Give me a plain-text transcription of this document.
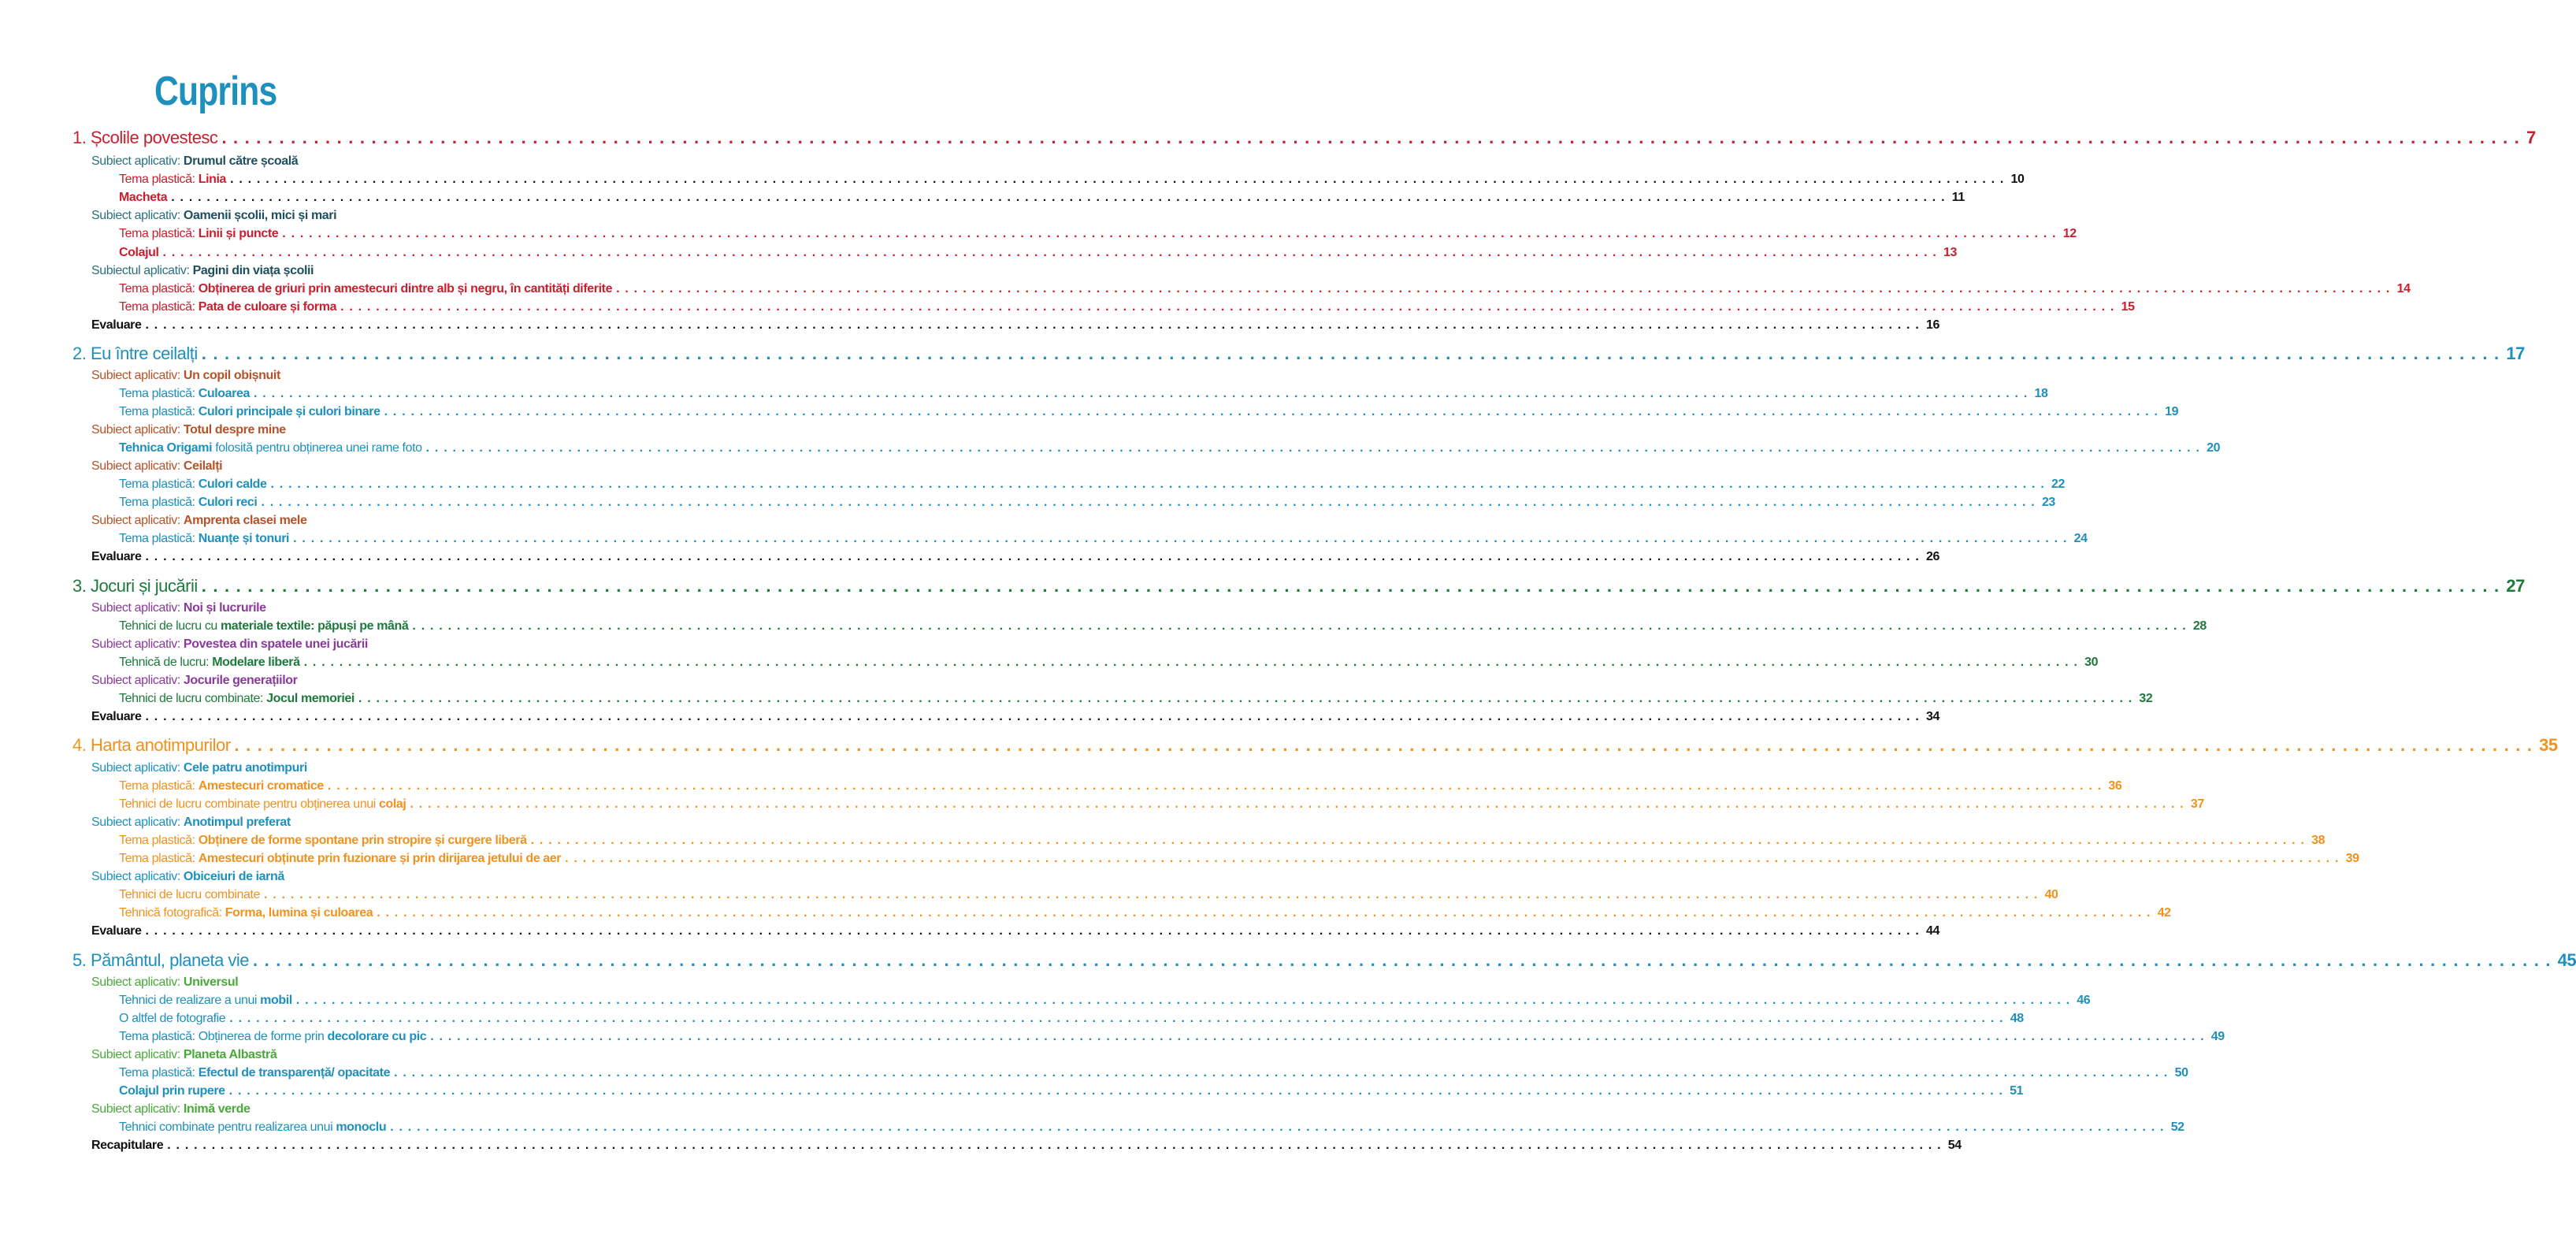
Cuprins
1. Școlile povestesc . . . . . . . . . . . . . . . . . . . . . . . . . . . . . . . . . . . . . . . . . . . . . . . . . . . . . . . . . . . . . . . . . . . . . . . . . . . . . . . . . . . . . . . . . . . . . . . . . . . . . . . . . . . . . . . . . . . . . . . . . . . . . . . . . . . . . . . . . . . . . . . . . . . . . . . . . . . . . . . . . . . . . . . . . . . . . . . . . . . . . . . . . . . . . . . . . . . . . . . . 7
Subiect aplicativ: Drumul către școală
Tema plastică: Linia . . . . . . . . . . . . . . . . . . . . . . . . . . . . . . . . . . . . . . . . . . . . . . . . . . . . . . . . . . . . . . . . . . . . . . . . . . . . . . . . . . . . . . . . . . . . . . . . . . . . . . . . . . . . . . . . . . . . . . . . . . . . . . . . . . . . . . . . . . . . . . . . . . . . . . . . . . . . . . . . . . . . . . . . . . . . . . . . . . . . . . . . . . . . . . . . . . . . . . . . 10
Macheta . . . . . . . . . . . . . . . . . . . . . . . . . . . . . . . . . . . . . . . . . . . . . . . . . . . . . . . . . . . . . . . . . . . . . . . . . . . . . . . . . . . . . . . . . . . . . . . . . . . . . . . . . . . . . . . . . . . . . . . . . . . . . . . . . . . . . . . . . . . . . . . . . . . . . . . . . . . . . . . . . . . . . . . . . . . . . . . . . . . . . . . . . . . . . . . . . . . . . . . . 11
Subiect aplicativ: Oamenii școlii, mici și mari
Tema plastică: Linii și puncte . . . . . . . . . . . . . . . . . . . . . . . . . . . . . . . . . . . . . . . . . . . . . . . . . . . . . . . . . . . . . . . . . . . . . . . . . . . . . . . . . . . . . . . . . . . . . . . . . . . . . . . . . . . . . . . . . . . . . . . . . . . . . . . . . . . . . . . . . . . . . . . . . . . . . . . . . . . . . . . . . . . . . . . . . . . . . . . . . . . . . . . . . . . . . . . . . . . . . . . . 12
Colajul . . . . . . . . . . . . . . . . . . . . . . . . . . . . . . . . . . . . . . . . . . . . . . . . . . . . . . . . . . . . . . . . . . . . . . . . . . . . . . . . . . . . . . . . . . . . . . . . . . . . . . . . . . . . . . . . . . . . . . . . . . . . . . . . . . . . . . . . . . . . . . . . . . . . . . . . . . . . . . . . . . . . . . . . . . . . . . . . . . . . . . . . . . . . . . . . . . . . . . . . 13
Subiectul aplicativ: Pagini din viața școlii
Tema plastică: Obținerea de griuri prin amestecuri dintre alb și negru, în cantități diferite . . . . . . . . . . . . . . . . . . . . . . . . . . . . . . . . . . . . . . . . . . . . . . . . . . . . . . . . . . . . . . . . . . . . . . . . . . . . . . . . . . . . . . . . . . . . . . . . . . . . . . . . . . . . . . . . . . . . . . . . . . . . . . . . . . . . . . . . . . . . . . . . . . . . . . . . . . . . . . . . . . . . . . . . . . . . . . . . . . . . . . . . . . . . . . . . . . . . . . . . 14
Tema plastică: Pata de culoare și forma . . . . . . . . . . . . . . . . . . . . . . . . . . . . . . . . . . . . . . . . . . . . . . . . . . . . . . . . . . . . . . . . . . . . . . . . . . . . . . . . . . . . . . . . . . . . . . . . . . . . . . . . . . . . . . . . . . . . . . . . . . . . . . . . . . . . . . . . . . . . . . . . . . . . . . . . . . . . . . . . . . . . . . . . . . . . . . . . . . . . . . . . . . . . . . . . . . . . . . . . 15
Evaluare . . . . . . . . . . . . . . . . . . . . . . . . . . . . . . . . . . . . . . . . . . . . . . . . . . . . . . . . . . . . . . . . . . . . . . . . . . . . . . . . . . . . . . . . . . . . . . . . . . . . . . . . . . . . . . . . . . . . . . . . . . . . . . . . . . . . . . . . . . . . . . . . . . . . . . . . . . . . . . . . . . . . . . . . . . . . . . . . . . . . . . . . . . . . . . . . . . . . . . . . 16
2. Eu între ceilalți . . . . . . . . . . . . . . . . . . . . . . . . . . . . . . . . . . . . . . . . . . . . . . . . . . . . . . . . . . . . . . . . . . . . . . . . . . . . . . . . . . . . . . . . . . . . . . . . . . . . . . . . . . . . . . . . . . . . . . . . . . . . . . . . . . . . . . . . . . . . . . . . . . . . . . . . . . . . . . . . . . . . . . . . . . . . . . . . . . . . . . . . . . . . . . . . . . . . . . . . 17
Subiect aplicativ: Un copil obișnuit
Tema plastică: Culoarea . . . . . . . . . . . . . . . . . . . . . . . . . . . . . . . . . . . . . . . . . . . . . . . . . . . . . . . . . . . . . . . . . . . . . . . . . . . . . . . . . . . . . . . . . . . . . . . . . . . . . . . . . . . . . . . . . . . . . . . . . . . . . . . . . . . . . . . . . . . . . . . . . . . . . . . . . . . . . . . . . . . . . . . . . . . . . . . . . . . . . . . . . . . . . . . . . . . . . . . . 18
Tema plastică: Culori principale și culori binare . . . . . . . . . . . . . . . . . . . . . . . . . . . . . . . . . . . . . . . . . . . . . . . . . . . . . . . . . . . . . . . . . . . . . . . . . . . . . . . . . . . . . . . . . . . . . . . . . . . . . . . . . . . . . . . . . . . . . . . . . . . . . . . . . . . . . . . . . . . . . . . . . . . . . . . . . . . . . . . . . . . . . . . . . . . . . . . . . . . . . . . . . . . . . . . . . . . . . . . . 19
Subiect aplicativ: Totul despre mine
Tehnica Origami folosită pentru obținerea unei rame foto . . . . . . . . . . . . . . . . . . . . . . . . . . . . . . . . . . . . . . . . . . . . . . . . . . . . . . . . . . . . . . . . . . . . . . . . . . . . . . . . . . . . . . . . . . . . . . . . . . . . . . . . . . . . . . . . . . . . . . . . . . . . . . . . . . . . . . . . . . . . . . . . . . . . . . . . . . . . . . . . . . . . . . . . . . . . . . . . . . . . . . . . . . . . . . . . . . . . . . . . 20
Subiect aplicativ: Ceilalți
Tema plastică: Culori calde . . . . . . . . . . . . . . . . . . . . . . . . . . . . . . . . . . . . . . . . . . . . . . . . . . . . . . . . . . . . . . . . . . . . . . . . . . . . . . . . . . . . . . . . . . . . . . . . . . . . . . . . . . . . . . . . . . . . . . . . . . . . . . . . . . . . . . . . . . . . . . . . . . . . . . . . . . . . . . . . . . . . . . . . . . . . . . . . . . . . . . . . . . . . . . . . . . . . . . . . 22
Tema plastică: Culori reci . . . . . . . . . . . . . . . . . . . . . . . . . . . . . . . . . . . . . . . . . . . . . . . . . . . . . . . . . . . . . . . . . . . . . . . . . . . . . . . . . . . . . . . . . . . . . . . . . . . . . . . . . . . . . . . . . . . . . . . . . . . . . . . . . . . . . . . . . . . . . . . . . . . . . . . . . . . . . . . . . . . . . . . . . . . . . . . . . . . . . . . . . . . . . . . . . . . . . . . . 23
Subiect aplicativ: Amprenta clasei mele
Tema plastică: Nuanțe și tonuri . . . . . . . . . . . . . . . . . . . . . . . . . . . . . . . . . . . . . . . . . . . . . . . . . . . . . . . . . . . . . . . . . . . . . . . . . . . . . . . . . . . . . . . . . . . . . . . . . . . . . . . . . . . . . . . . . . . . . . . . . . . . . . . . . . . . . . . . . . . . . . . . . . . . . . . . . . . . . . . . . . . . . . . . . . . . . . . . . . . . . . . . . . . . . . . . . . . . . . . . 24
Evaluare . . . . . . . . . . . . . . . . . . . . . . . . . . . . . . . . . . . . . . . . . . . . . . . . . . . . . . . . . . . . . . . . . . . . . . . . . . . . . . . . . . . . . . . . . . . . . . . . . . . . . . . . . . . . . . . . . . . . . . . . . . . . . . . . . . . . . . . . . . . . . . . . . . . . . . . . . . . . . . . . . . . . . . . . . . . . . . . . . . . . . . . . . . . . . . . . . . . . . . . . 26
3. Jocuri și jucării . . . . . . . . . . . . . . . . . . . . . . . . . . . . . . . . . . . . . . . . . . . . . . . . . . . . . . . . . . . . . . . . . . . . . . . . . . . . . . . . . . . . . . . . . . . . . . . . . . . . . . . . . . . . . . . . . . . . . . . . . . . . . . . . . . . . . . . . . . . . . . . . . . . . . . . . . . . . . . . . . . . . . . . . . . . . . . . . . . . . . . . . . . . . . . . . . . . . . . . . 27
Subiect aplicativ: Noi și lucrurile
Tehnici de lucru cu materiale textile: păpuși pe mână . . . . . . . . . . . . . . . . . . . . . . . . . . . . . . . . . . . . . . . . . . . . . . . . . . . . . . . . . . . . . . . . . . . . . . . . . . . . . . . . . . . . . . . . . . . . . . . . . . . . . . . . . . . . . . . . . . . . . . . . . . . . . . . . . . . . . . . . . . . . . . . . . . . . . . . . . . . . . . . . . . . . . . . . . . . . . . . . . . . . . . . . . . . . . . . . . . . . . . . . 28
Subiect aplicativ: Povestea din spatele unei jucării
Tehnică de lucru: Modelare liberă . . . . . . . . . . . . . . . . . . . . . . . . . . . . . . . . . . . . . . . . . . . . . . . . . . . . . . . . . . . . . . . . . . . . . . . . . . . . . . . . . . . . . . . . . . . . . . . . . . . . . . . . . . . . . . . . . . . . . . . . . . . . . . . . . . . . . . . . . . . . . . . . . . . . . . . . . . . . . . . . . . . . . . . . . . . . . . . . . . . . . . . . . . . . . . . . . . . . . . . . 30
Subiect aplicativ: Jocurile generațiilor
Tehnici de lucru combinate: Jocul memoriei . . . . . . . . . . . . . . . . . . . . . . . . . . . . . . . . . . . . . . . . . . . . . . . . . . . . . . . . . . . . . . . . . . . . . . . . . . . . . . . . . . . . . . . . . . . . . . . . . . . . . . . . . . . . . . . . . . . . . . . . . . . . . . . . . . . . . . . . . . . . . . . . . . . . . . . . . . . . . . . . . . . . . . . . . . . . . . . . . . . . . . . . . . . . . . . . . . . . . . . . 32
Evaluare . . . . . . . . . . . . . . . . . . . . . . . . . . . . . . . . . . . . . . . . . . . . . . . . . . . . . . . . . . . . . . . . . . . . . . . . . . . . . . . . . . . . . . . . . . . . . . . . . . . . . . . . . . . . . . . . . . . . . . . . . . . . . . . . . . . . . . . . . . . . . . . . . . . . . . . . . . . . . . . . . . . . . . . . . . . . . . . . . . . . . . . . . . . . . . . . . . . . . . . . 34
4. Harta anotimpurilor . . . . . . . . . . . . . . . . . . . . . . . . . . . . . . . . . . . . . . . . . . . . . . . . . . . . . . . . . . . . . . . . . . . . . . . . . . . . . . . . . . . . . . . . . . . . . . . . . . . . . . . . . . . . . . . . . . . . . . . . . . . . . . . . . . . . . . . . . . . . . . . . . . . . . . . . . . . . . . . . . . . . . . . . . . . . . . . . . . . . . . . . . . . . . . . . . . . . . . . . 35
Subiect aplicativ: Cele patru anotimpuri
Tema plastică: Amestecuri cromatice . . . . . . . . . . . . . . . . . . . . . . . . . . . . . . . . . . . . . . . . . . . . . . . . . . . . . . . . . . . . . . . . . . . . . . . . . . . . . . . . . . . . . . . . . . . . . . . . . . . . . . . . . . . . . . . . . . . . . . . . . . . . . . . . . . . . . . . . . . . . . . . . . . . . . . . . . . . . . . . . . . . . . . . . . . . . . . . . . . . . . . . . . . . . . . . . . . . . . . . . 36
Tehnici de lucru combinate pentru obținerea unui colaj . . . . . . . . . . . . . . . . . . . . . . . . . . . . . . . . . . . . . . . . . . . . . . . . . . . . . . . . . . . . . . . . . . . . . . . . . . . . . . . . . . . . . . . . . . . . . . . . . . . . . . . . . . . . . . . . . . . . . . . . . . . . . . . . . . . . . . . . . . . . . . . . . . . . . . . . . . . . . . . . . . . . . . . . . . . . . . . . . . . . . . . . . . . . . . . . . . . . . . . . 37
Subiect aplicativ: Anotimpul preferat
Tema plastică: Obținere de forme spontane prin stropire și curgere liberă . . . . . . . . . . . . . . . . . . . . . . . . . . . . . . . . . . . . . . . . . . . . . . . . . . . . . . . . . . . . . . . . . . . . . . . . . . . . . . . . . . . . . . . . . . . . . . . . . . . . . . . . . . . . . . . . . . . . . . . . . . . . . . . . . . . . . . . . . . . . . . . . . . . . . . . . . . . . . . . . . . . . . . . . . . . . . . . . . . . . . . . . . . . . . . . . . . . . . . . . 38
Tema plastică: Amestecuri obținute prin fuzionare și prin dirijarea jetului de aer . . . . . . . . . . . . . . . . . . . . . . . . . . . . . . . . . . . . . . . . . . . . . . . . . . . . . . . . . . . . . . . . . . . . . . . . . . . . . . . . . . . . . . . . . . . . . . . . . . . . . . . . . . . . . . . . . . . . . . . . . . . . . . . . . . . . . . . . . . . . . . . . . . . . . . . . . . . . . . . . . . . . . . . . . . . . . . . . . . . . . . . . . . . . . . . . . . . . . . . . 39
Subiect aplicativ: Obiceiuri de iarnă
Tehnici de lucru combinate . . . . . . . . . . . . . . . . . . . . . . . . . . . . . . . . . . . . . . . . . . . . . . . . . . . . . . . . . . . . . . . . . . . . . . . . . . . . . . . . . . . . . . . . . . . . . . . . . . . . . . . . . . . . . . . . . . . . . . . . . . . . . . . . . . . . . . . . . . . . . . . . . . . . . . . . . . . . . . . . . . . . . . . . . . . . . . . . . . . . . . . . . . . . . . . . . . . . . . . . 40
Tehnică fotografică: Forma, lumina și culoarea . . . . . . . . . . . . . . . . . . . . . . . . . . . . . . . . . . . . . . . . . . . . . . . . . . . . . . . . . . . . . . . . . . . . . . . . . . . . . . . . . . . . . . . . . . . . . . . . . . . . . . . . . . . . . . . . . . . . . . . . . . . . . . . . . . . . . . . . . . . . . . . . . . . . . . . . . . . . . . . . . . . . . . . . . . . . . . . . . . . . . . . . . . . . . . . . . . . . . . . . 42
Evaluare . . . . . . . . . . . . . . . . . . . . . . . . . . . . . . . . . . . . . . . . . . . . . . . . . . . . . . . . . . . . . . . . . . . . . . . . . . . . . . . . . . . . . . . . . . . . . . . . . . . . . . . . . . . . . . . . . . . . . . . . . . . . . . . . . . . . . . . . . . . . . . . . . . . . . . . . . . . . . . . . . . . . . . . . . . . . . . . . . . . . . . . . . . . . . . . . . . . . . . . . 44
5. Pământul, planeta vie . . . . . . . . . . . . . . . . . . . . . . . . . . . . . . . . . . . . . . . . . . . . . . . . . . . . . . . . . . . . . . . . . . . . . . . . . . . . . . . . . . . . . . . . . . . . . . . . . . . . . . . . . . . . . . . . . . . . . . . . . . . . . . . . . . . . . . . . . . . . . . . . . . . . . . . . . . . . . . . . . . . . . . . . . . . . . . . . . . . . . . . . . . . . . . . . . . . . . . . . 45
Subiect aplicativ: Universul
Tehnici de realizare a unui mobil . . . . . . . . . . . . . . . . . . . . . . . . . . . . . . . . . . . . . . . . . . . . . . . . . . . . . . . . . . . . . . . . . . . . . . . . . . . . . . . . . . . . . . . . . . . . . . . . . . . . . . . . . . . . . . . . . . . . . . . . . . . . . . . . . . . . . . . . . . . . . . . . . . . . . . . . . . . . . . . . . . . . . . . . . . . . . . . . . . . . . . . . . . . . . . . . . . . . . . . . 46
O altfel de fotografie . . . . . . . . . . . . . . . . . . . . . . . . . . . . . . . . . . . . . . . . . . . . . . . . . . . . . . . . . . . . . . . . . . . . . . . . . . . . . . . . . . . . . . . . . . . . . . . . . . . . . . . . . . . . . . . . . . . . . . . . . . . . . . . . . . . . . . . . . . . . . . . . . . . . . . . . . . . . . . . . . . . . . . . . . . . . . . . . . . . . . . . . . . . . . . . . . . . . . . . . 48
Tema plastică: Obținerea de forme prin decolorare cu pic . . . . . . . . . . . . . . . . . . . . . . . . . . . . . . . . . . . . . . . . . . . . . . . . . . . . . . . . . . . . . . . . . . . . . . . . . . . . . . . . . . . . . . . . . . . . . . . . . . . . . . . . . . . . . . . . . . . . . . . . . . . . . . . . . . . . . . . . . . . . . . . . . . . . . . . . . . . . . . . . . . . . . . . . . . . . . . . . . . . . . . . . . . . . . . . . . . . . . . . . 49
Subiect aplicativ: Planeta Albastră
Tema plastică: Efectul de transparență/ opacitate . . . . . . . . . . . . . . . . . . . . . . . . . . . . . . . . . . . . . . . . . . . . . . . . . . . . . . . . . . . . . . . . . . . . . . . . . . . . . . . . . . . . . . . . . . . . . . . . . . . . . . . . . . . . . . . . . . . . . . . . . . . . . . . . . . . . . . . . . . . . . . . . . . . . . . . . . . . . . . . . . . . . . . . . . . . . . . . . . . . . . . . . . . . . . . . . . . . . . . . . 50
Colajul prin rupere . . . . . . . . . . . . . . . . . . . . . . . . . . . . . . . . . . . . . . . . . . . . . . . . . . . . . . . . . . . . . . . . . . . . . . . . . . . . . . . . . . . . . . . . . . . . . . . . . . . . . . . . . . . . . . . . . . . . . . . . . . . . . . . . . . . . . . . . . . . . . . . . . . . . . . . . . . . . . . . . . . . . . . . . . . . . . . . . . . . . . . . . . . . . . . . . . . . . . . . . 51
Subiect aplicativ: Inimă verde
Tehnici combinate pentru realizarea unui monoclu . . . . . . . . . . . . . . . . . . . . . . . . . . . . . . . . . . . . . . . . . . . . . . . . . . . . . . . . . . . . . . . . . . . . . . . . . . . . . . . . . . . . . . . . . . . . . . . . . . . . . . . . . . . . . . . . . . . . . . . . . . . . . . . . . . . . . . . . . . . . . . . . . . . . . . . . . . . . . . . . . . . . . . . . . . . . . . . . . . . . . . . . . . . . . . . . . . . . . . . . 52
Recapitulare . . . . . . . . . . . . . . . . . . . . . . . . . . . . . . . . . . . . . . . . . . . . . . . . . . . . . . . . . . . . . . . . . . . . . . . . . . . . . . . . . . . . . . . . . . . . . . . . . . . . . . . . . . . . . . . . . . . . . . . . . . . . . . . . . . . . . . . . . . . . . . . . . . . . . . . . . . . . . . . . . . . . . . . . . . . . . . . . . . . . . . . . . . . . . . . . . . . . . . . . 54
